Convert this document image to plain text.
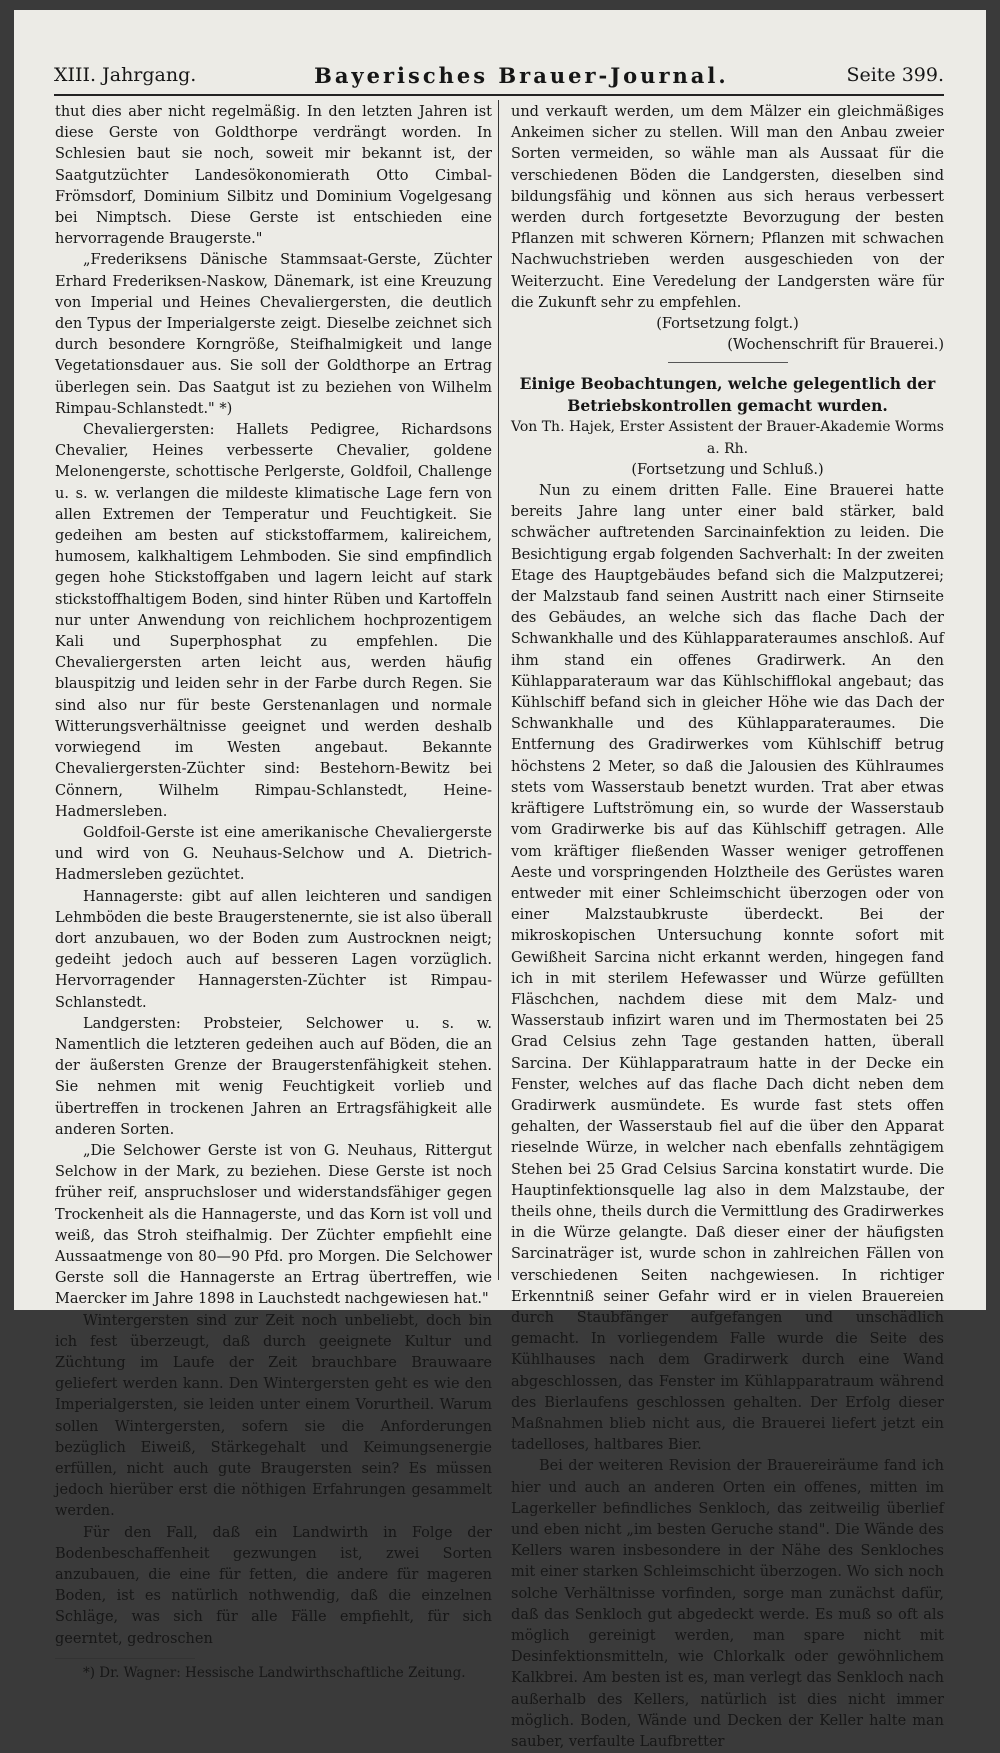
XIII. Jahrgang.	Bayerisches Brauer-Journal.	Seite 399.

thut dies aber nicht regelmäßig. In den letzten Jahren ist diese Gerste von Goldthorpe verdrängt worden. In Schlesien baut sie noch, soweit mir bekannt ist, der Saatgutzüchter Landesökonomierath Otto Cimbal-Frömsdorf, Dominium Silbitz und Dominium Vogelgesang bei Nimptsch. Diese Gerste ist entschieden eine hervorragende Braugerste."

„Frederiksens Dänische Stammsaat-Gerste, Züchter Erhard Frederiksen-Naskow, Dänemark, ist eine Kreuzung von Imperial und Heines Chevaliergersten, die deutlich den Typus der Imperialgerste zeigt. Dieselbe zeichnet sich durch besondere Korngröße, Steifhalmigkeit und lange Vegetationsdauer aus. Sie soll der Goldthorpe an Ertrag überlegen sein. Das Saatgut ist zu beziehen von Wilhelm Rimpau-Schlanstedt." *)

Chevaliergersten: Hallets Pedigree, Richardsons Chevalier, Heines verbesserte Chevalier, goldene Melonengerste, schottische Perlgerste, Goldfoil, Challenge u. s. w. verlangen die mildeste klimatische Lage fern von allen Extremen der Temperatur und Feuchtigkeit. Sie gedeihen am besten auf stickstoffarmem, kalireichem, humosem, kalkhaltigem Lehmboden. Sie sind empfindlich gegen hohe Stickstoffgaben und lagern leicht auf stark stickstoffhaltigem Boden, sind hinter Rüben und Kartoffeln nur unter Anwendung von reichlichem hochprozentigem Kali und Superphosphat zu empfehlen. Die Chevaliergersten arten leicht aus, werden häufig blauspitzig und leiden sehr in der Farbe durch Regen. Sie sind also nur für beste Gerstenanlagen und normale Witterungsverhältnisse geeignet und werden deshalb vorwiegend im Westen angebaut. Bekannte Chevaliergersten-Züchter sind: Bestehorn-Bewitz bei Cönnern, Wilhelm Rimpau-Schlanstedt, Heine-Hadmersleben.

Goldfoil-Gerste ist eine amerikanische Chevaliergerste und wird von G. Neuhaus-Selchow und A. Dietrich-Hadmersleben gezüchtet.

Hannagerste: gibt auf allen leichteren und sandigen Lehmböden die beste Braugerstenernte, sie ist also überall dort anzubauen, wo der Boden zum Austrocknen neigt; gedeiht jedoch auch auf besseren Lagen vorzüglich. Hervorragender Hannagersten-Züchter ist Rimpau-Schlanstedt.

Landgersten: Probsteier, Selchower u. s. w. Namentlich die letzteren gedeihen auch auf Böden, die an der äußersten Grenze der Braugerstenfähigkeit stehen. Sie nehmen mit wenig Feuchtigkeit vorlieb und übertreffen in trockenen Jahren an Ertragsfähigkeit alle anderen Sorten.

„Die Selchower Gerste ist von G. Neuhaus, Rittergut Selchow in der Mark, zu beziehen. Diese Gerste ist noch früher reif, anspruchsloser und widerstandsfähiger gegen Trockenheit als die Hannagerste, und das Korn ist voll und weiß, das Stroh steifhalmig. Der Züchter empfiehlt eine Aussaatmenge von 80—90 Pfd. pro Morgen. Die Selchower Gerste soll die Hannagerste an Ertrag übertreffen, wie Maercker im Jahre 1898 in Lauchstedt nachgewiesen hat."

Wintergersten sind zur Zeit noch unbeliebt, doch bin ich fest überzeugt, daß durch geeignete Kultur und Züchtung im Laufe der Zeit brauchbare Brauwaare geliefert werden kann. Den Wintergersten geht es wie den Imperialgersten, sie leiden unter einem Vorurtheil. Warum sollen Wintergersten, sofern sie die Anforderungen bezüglich Eiweiß, Stärkegehalt und Keimungsenergie erfüllen, nicht auch gute Braugersten sein? Es müssen jedoch hierüber erst die nöthigen Erfahrungen gesammelt werden.

Für den Fall, daß ein Landwirth in Folge der Bodenbeschaffenheit gezwungen ist, zwei Sorten anzubauen, die eine für fetten, die andere für mageren Boden, ist es natürlich nothwendig, daß die einzelnen Schläge, was sich für alle Fälle empfiehlt, für sich geerntet, gedroschen

*) Dr. Wagner: Hessische Landwirthschaftliche Zeitung.

und verkauft werden, um dem Mälzer ein gleichmäßiges Ankeimen sicher zu stellen. Will man den Anbau zweier Sorten vermeiden, so wähle man als Aussaat für die verschiedenen Böden die Landgersten, dieselben sind bildungsfähig und können aus sich heraus verbessert werden durch fortgesetzte Bevorzugung der besten Pflanzen mit schweren Körnern; Pflanzen mit schwachen Nachwuchstrieben werden ausgeschieden von der Weiterzucht. Eine Veredelung der Landgersten wäre für die Zukunft sehr zu empfehlen.

(Fortsetzung folgt.)

(Wochenschrift für Brauerei.)

Einige Beobachtungen, welche gelegentlich der Betriebskontrollen gemacht wurden.

Von Th. Hajek, Erster Assistent der Brauer-Akademie Worms a. Rh.

(Fortsetzung und Schluß.)

Nun zu einem dritten Falle. Eine Brauerei hatte bereits Jahre lang unter einer bald stärker, bald schwächer auftretenden Sarcinainfektion zu leiden. Die Besichtigung ergab folgenden Sachverhalt: In der zweiten Etage des Hauptgebäudes befand sich die Malzputzerei; der Malzstaub fand seinen Austritt nach einer Stirnseite des Gebäudes, an welche sich das flache Dach der Schwankhalle und des Kühlapparateraumes anschloß. Auf ihm stand ein offenes Gradirwerk. An den Kühlapparateraum war das Kühlschifflokal angebaut; das Kühlschiff befand sich in gleicher Höhe wie das Dach der Schwankhalle und des Kühlapparateraumes. Die Entfernung des Gradirwerkes vom Kühlschiff betrug höchstens 2 Meter, so daß die Jalousien des Kühlraumes stets vom Wasserstaub benetzt wurden. Trat aber etwas kräftigere Luftströmung ein, so wurde der Wasserstaub vom Gradirwerke bis auf das Kühlschiff getragen. Alle vom kräftiger fließenden Wasser weniger getroffenen Aeste und vorspringenden Holztheile des Gerüstes waren entweder mit einer Schleimschicht überzogen oder von einer Malzstaubkruste überdeckt. Bei der mikroskopischen Untersuchung konnte sofort mit Gewißheit Sarcina nicht erkannt werden, hingegen fand ich in mit sterilem Hefewasser und Würze gefüllten Fläschchen, nachdem diese mit dem Malz- und Wasserstaub infizirt waren und im Thermostaten bei 25 Grad Celsius zehn Tage gestanden hatten, überall Sarcina. Der Kühlapparatraum hatte in der Decke ein Fenster, welches auf das flache Dach dicht neben dem Gradirwerk ausmündete. Es wurde fast stets offen gehalten, der Wasserstaub fiel auf die über den Apparat rieselnde Würze, in welcher nach ebenfalls zehntägigem Stehen bei 25 Grad Celsius Sarcina konstatirt wurde. Die Hauptinfektionsquelle lag also in dem Malzstaube, der theils ohne, theils durch die Vermittlung des Gradirwerkes in die Würze gelangte. Daß dieser einer der häufigsten Sarcinaträger ist, wurde schon in zahlreichen Fällen von verschiedenen Seiten nachgewiesen. In richtiger Erkenntniß seiner Gefahr wird er in vielen Brauereien durch Staubfänger aufgefangen und unschädlich gemacht. In vorliegendem Falle wurde die Seite des Kühlhauses nach dem Gradirwerk durch eine Wand abgeschlossen, das Fenster im Kühlapparatraum während des Bierlaufens geschlossen gehalten. Der Erfolg dieser Maßnahmen blieb nicht aus, die Brauerei liefert jetzt ein tadelloses, haltbares Bier.

Bei der weiteren Revision der Brauereiräume fand ich hier und auch an anderen Orten ein offenes, mitten im Lagerkeller befindliches Senkloch, das zeitweilig überlief und eben nicht „im besten Geruche stand". Die Wände des Kellers waren insbesondere in der Nähe des Senkloches mit einer starken Schleimschicht überzogen. Wo sich noch solche Verhältnisse vorfinden, sorge man zunächst dafür, daß das Senkloch gut abgedeckt werde. Es muß so oft als möglich gereinigt werden, man spare nicht mit Desinfektionsmitteln, wie Chlorkalk oder gewöhnlichem Kalkbrei. Am besten ist es, man verlegt das Senkloch nach außerhalb des Kellers, natürlich ist dies nicht immer möglich. Boden, Wände und Decken der Keller halte man sauber, verfaulte Laufbretter
